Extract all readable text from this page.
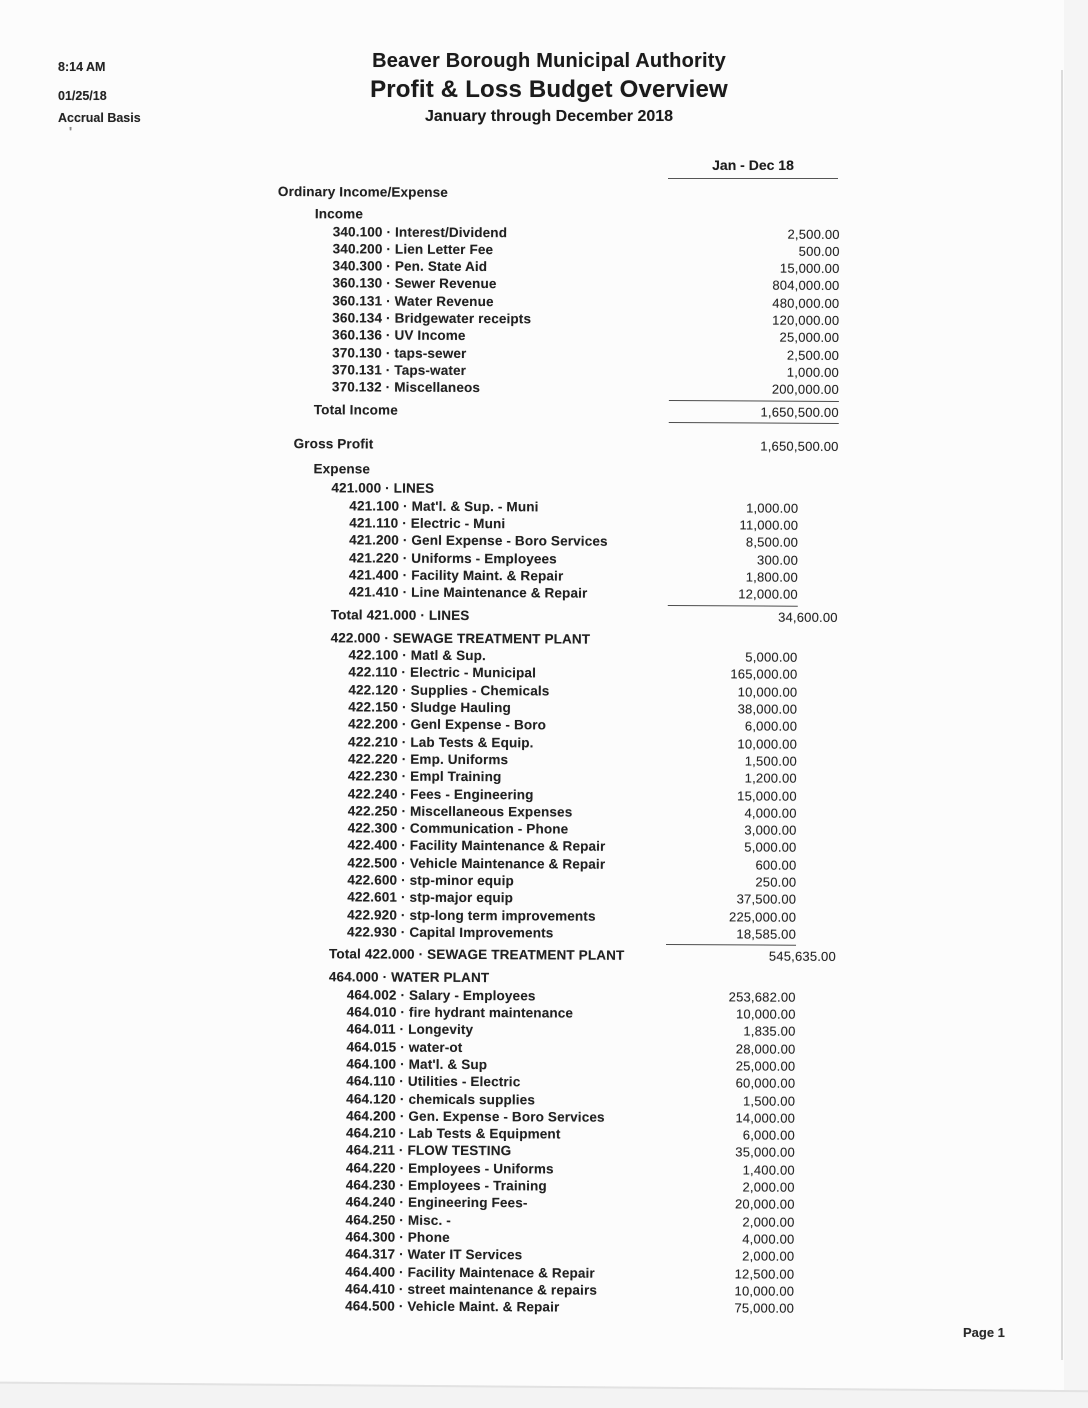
8:14 AM
01/25/18
Accrual Basis
'
Beaver Borough Municipal Authority
Profit & Loss Budget Overview
January through December 2018
Jan - Dec 18
Ordinary Income/Expense
Income
340.100 · Interest/Dividend	2,500.00
340.200 · Lien Letter Fee	500.00
340.300 · Pen. State Aid	15,000.00
360.130 · Sewer Revenue	804,000.00
360.131 · Water Revenue	480,000.00
360.134 · Bridgewater receipts	120,000.00
360.136 · UV Income	25,000.00
370.130 · taps-sewer	2,500.00
370.131 · Taps-water	1,000.00
370.132 · Miscellaneos	200,000.00
Total Income	1,650,500.00
Gross Profit	1,650,500.00
Expense
421.000 · LINES
421.100 · Mat'l. & Sup. - Muni	1,000.00
421.110 · Electric - Muni	11,000.00
421.200 · Genl Expense - Boro Services	8,500.00
421.220 · Uniforms - Employees	300.00
421.400 · Facility Maint. & Repair	1,800.00
421.410 · Line Maintenance & Repair	12,000.00
Total 421.000 · LINES	34,600.00
422.000 · SEWAGE TREATMENT PLANT
422.100 · Matl & Sup.	5,000.00
422.110 · Electric - Municipal	165,000.00
422.120 · Supplies - Chemicals	10,000.00
422.150 · Sludge Hauling	38,000.00
422.200 · Genl Expense - Boro	6,000.00
422.210 · Lab Tests & Equip.	10,000.00
422.220 · Emp. Uniforms	1,500.00
422.230 · Empl Training	1,200.00
422.240 · Fees - Engineering	15,000.00
422.250 · Miscellaneous Expenses	4,000.00
422.300 · Communication - Phone	3,000.00
422.400 · Facility Maintenance & Repair	5,000.00
422.500 · Vehicle Maintenance & Repair	600.00
422.600 · stp-minor equip	250.00
422.601 · stp-major equip	37,500.00
422.920 · stp-long term improvements	225,000.00
422.930 · Capital Improvements	18,585.00
Total 422.000 · SEWAGE TREATMENT PLANT	545,635.00
464.000 · WATER PLANT
464.002 · Salary - Employees	253,682.00
464.010 · fire hydrant maintenance	10,000.00
464.011 · Longevity	1,835.00
464.015 · water-ot	28,000.00
464.100 · Mat'l. & Sup	25,000.00
464.110 · Utilities - Electric	60,000.00
464.120 · chemicals supplies	1,500.00
464.200 · Gen. Expense - Boro Services	14,000.00
464.210 · Lab Tests & Equipment	6,000.00
464.211 · FLOW TESTING	35,000.00
464.220 · Employees - Uniforms	1,400.00
464.230 · Employees - Training	2,000.00
464.240 · Engineering Fees-	20,000.00
464.250 · Misc. -	2,000.00
464.300 · Phone	4,000.00
464.317 · Water IT Services	2,000.00
464.400 · Facility Maintenace & Repair	12,500.00
464.410 · street maintenance & repairs	10,000.00
464.500 · Vehicle Maint. & Repair	75,000.00
Page 1
